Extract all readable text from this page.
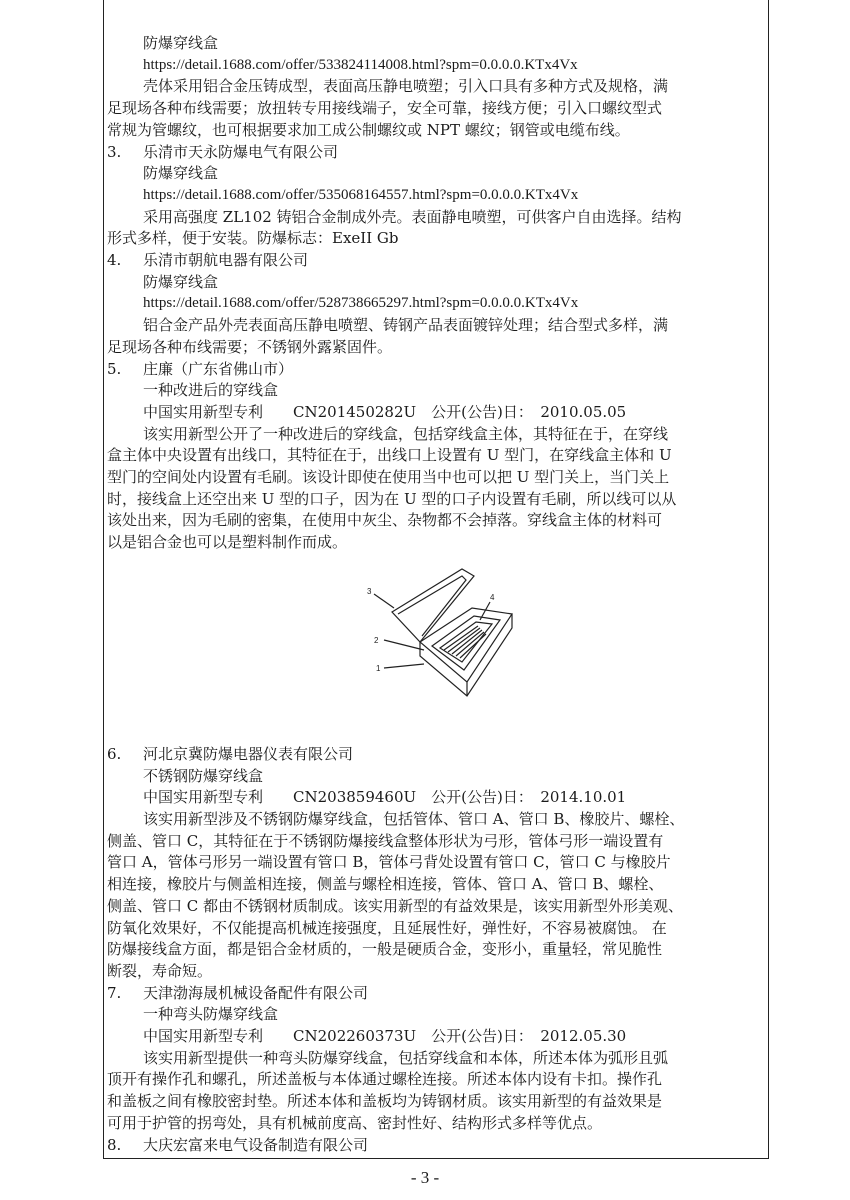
防爆穿线盒

https://detail.1688.com/offer/533824114008.html?spm=0.0.0.0.KTx4Vx

壳体采用铝合金压铸成型，表面高压静电喷塑；引入口具有多种方式及规格，满

足现场各种布线需要；放扭转专用接线端子，安全可靠，接线方便；引入口螺纹型式

常规为管螺纹，也可根据要求加工成公制螺纹或 NPT 螺纹；钢管或电缆布线。

3. 乐清市天永防爆电气有限公司

防爆穿线盒

https://detail.1688.com/offer/535068164557.html?spm=0.0.0.0.KTx4Vx

采用高强度 ZL102 铸铝合金制成外壳。表面静电喷塑，可供客户自由选择。结构

形式多样，便于安装。防爆标志：ExeII Gb

4. 乐清市朝航电器有限公司

防爆穿线盒

https://detail.1688.com/offer/528738665297.html?spm=0.0.0.0.KTx4Vx

铝合金产品外壳表面高压静电喷塑、铸钢产品表面镀锌处理；结合型式多样，满

足现场各种布线需要；不锈钢外露紧固件。

5. 庄廉（广东省佛山市）

一种改进后的穿线盒

中国实用新型专利　　CN201450282U　公开(公告)日：　2010.05.05

该实用新型公开了一种改进后的穿线盒，包括穿线盒主体，其特征在于，在穿线

盒主体中央设置有出线口，其特征在于，出线口上设置有 U 型门，在穿线盒主体和 U

型门的空间处内设置有毛刷。该设计即使在使用当中也可以把 U 型门关上，当门关上

时，接线盒上还空出来 U 型的口子，因为在 U 型的口子内设置有毛刷，所以线可以从

该处出来，因为毛刷的密集，在使用中灰尘、杂物都不会掉落。穿线盒主体的材料可

以是铝合金也可以是塑料制作而成。

3
4
2
1

6. 河北京冀防爆电器仪表有限公司

不锈钢防爆穿线盒

中国实用新型专利　　CN203859460U　公开(公告)日：　2014.10.01

该实用新型涉及不锈钢防爆穿线盒，包括管体、管口 A、管口 B、橡胶片、螺栓、

侧盖、管口 C，其特征在于不锈钢防爆接线盒整体形状为弓形，管体弓形一端设置有

管口 A，管体弓形另一端设置有管口 B，管体弓背处设置有管口 C，管口 C 与橡胶片

相连接，橡胶片与侧盖相连接，侧盖与螺栓相连接，管体、管口 A、管口 B、螺栓、

侧盖、管口 C 都由不锈钢材质制成。该实用新型的有益效果是，该实用新型外形美观、

防氧化效果好，不仅能提高机械连接强度，且延展性好，弹性好，不容易被腐蚀。 在

防爆接线盒方面，都是铝合金材质的，一般是硬质合金，变形小，重量轻，常见脆性

断裂，寿命短。

7. 天津渤海晟机械设备配件有限公司

一种弯头防爆穿线盒

中国实用新型专利　　CN202260373U　公开(公告)日：　2012.05.30

该实用新型提供一种弯头防爆穿线盒，包括穿线盒和本体，所述本体为弧形且弧

顶开有操作孔和螺孔，所述盖板与本体通过螺栓连接。所述本体内设有卡扣。操作孔

和盖板之间有橡胶密封垫。所述本体和盖板均为铸钢材质。该实用新型的有益效果是

可用于护管的拐弯处，具有机械前度高、密封性好、结构形式多样等优点。

8. 大庆宏富来电气设备制造有限公司

- 3 -
